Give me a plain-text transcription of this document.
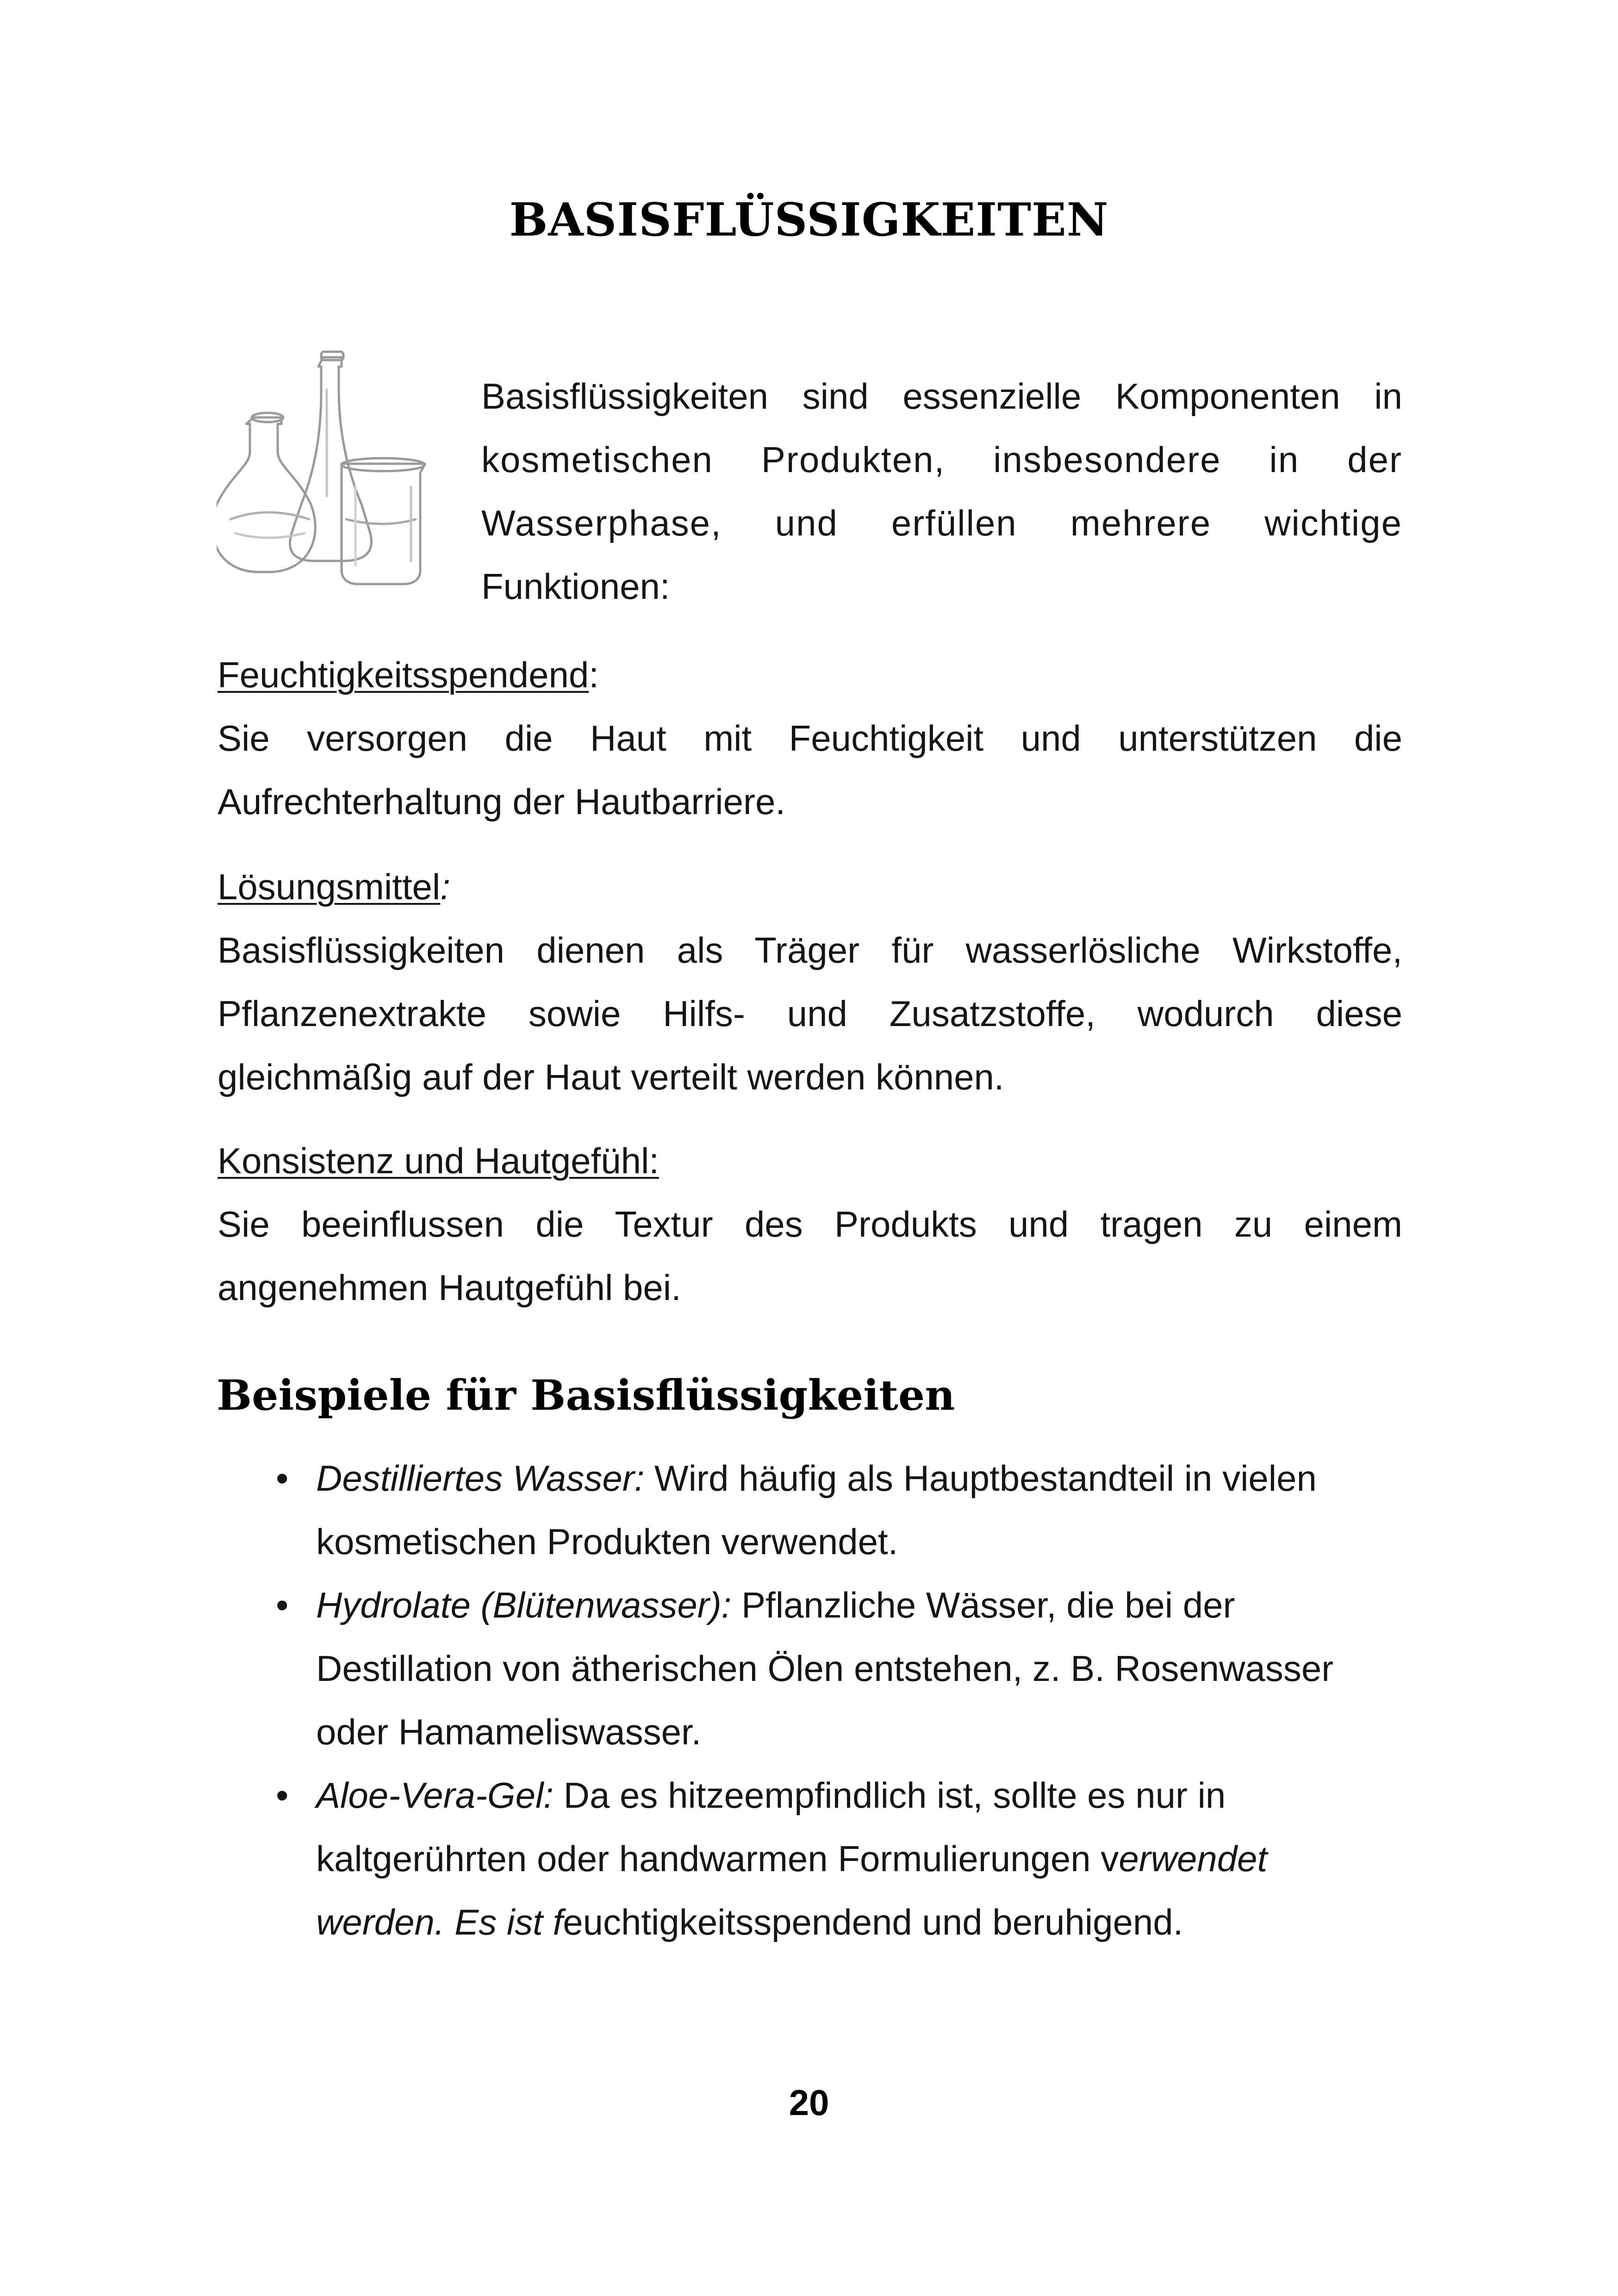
BASISFLÜSSIGKEITEN
Basisflüssigkeiten sind essenzielle Komponenten in
kosmetischen Produkten, insbesondere in der
Wasserphase, und erfüllen mehrere wichtige
Funktionen:
Feuchtigkeitsspendend:
Sie versorgen die Haut mit Feuchtigkeit und unterstützen die Aufrechterhaltung der Hautbarriere.
Lösungsmittel:
Basisflüssigkeiten dienen als Träger für wasserlösliche Wirkstoffe, Pflanzenextrakte sowie Hilfs- und Zusatzstoffe, wodurch diese gleichmäßig auf der Haut verteilt werden können.
Konsistenz und Hautgefühl:
Sie beeinflussen die Textur des Produkts und tragen zu einem angenehmen Hautgefühl bei.
Beispiele für Basisflüssigkeiten
• Destilliertes Wasser: Wird häufig als Hauptbestandteil in vielen kosmetischen Produkten verwendet.
• Hydrolate (Blütenwasser): Pflanzliche Wässer, die bei der Destillation von ätherischen Ölen entstehen, z. B. Rosenwasser oder Hamameliswasser.
• Aloe-Vera-Gel: Da es hitzeempfindlich ist, sollte es nur in kaltgerührten oder handwarmen Formulierungen verwendet werden. Es ist feuchtigkeitsspendend und beruhigend.
20
